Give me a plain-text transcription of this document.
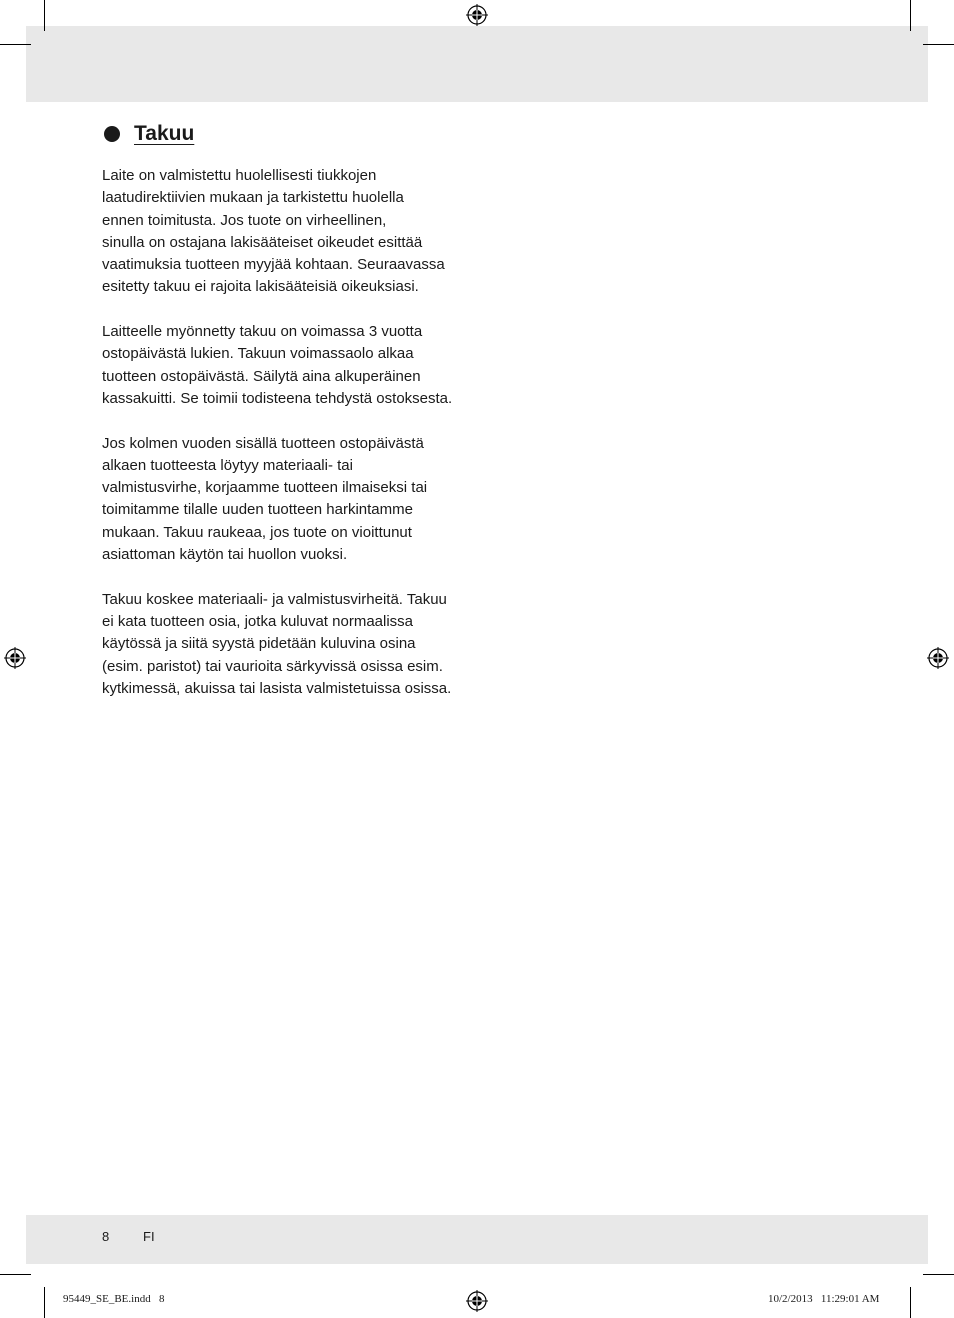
Takuu

Laite on valmistettu huolellisesti tiukkojen
laatudirektiivien mukaan ja tarkistettu huolella
ennen toimitusta. Jos tuote on virheellinen,
sinulla on ostajana lakisääteiset oikeudet esittää
vaatimuksia tuotteen myyjää kohtaan. Seuraavassa
esitetty takuu ei rajoita lakisääteisiä oikeuksiasi.

Laitteelle myönnetty takuu on voimassa 3 vuotta
ostopäivästä lukien. Takuun voimassaolo alkaa
tuotteen ostopäivästä. Säilytä aina alkuperäinen
kassakuitti. Se toimii todisteena tehdystä ostoksesta.

Jos kolmen vuoden sisällä tuotteen ostopäivästä
alkaen tuotteesta löytyy materiaali- tai
valmistusvirhe, korjaamme tuotteen ilmaiseksi tai
toimitamme tilalle uuden tuotteen harkintamme
mukaan. Takuu raukeaa, jos tuote on vioittunut
asiattoman käytön tai huollon vuoksi.

Takuu koskee materiaali- ja valmistusvirheitä. Takuu
ei kata tuotteen osia, jotka kuluvat normaalissa
käytössä ja siitä syystä pidetään kuluvina osina
(esim. paristot) tai vaurioita särkyvissä osissa esim.
kytkimessä, akuissa tai lasista valmistetuissa osissa.

8	FI
95449_SE_BE.indd   8	10/2/2013   11:29:01 AM
